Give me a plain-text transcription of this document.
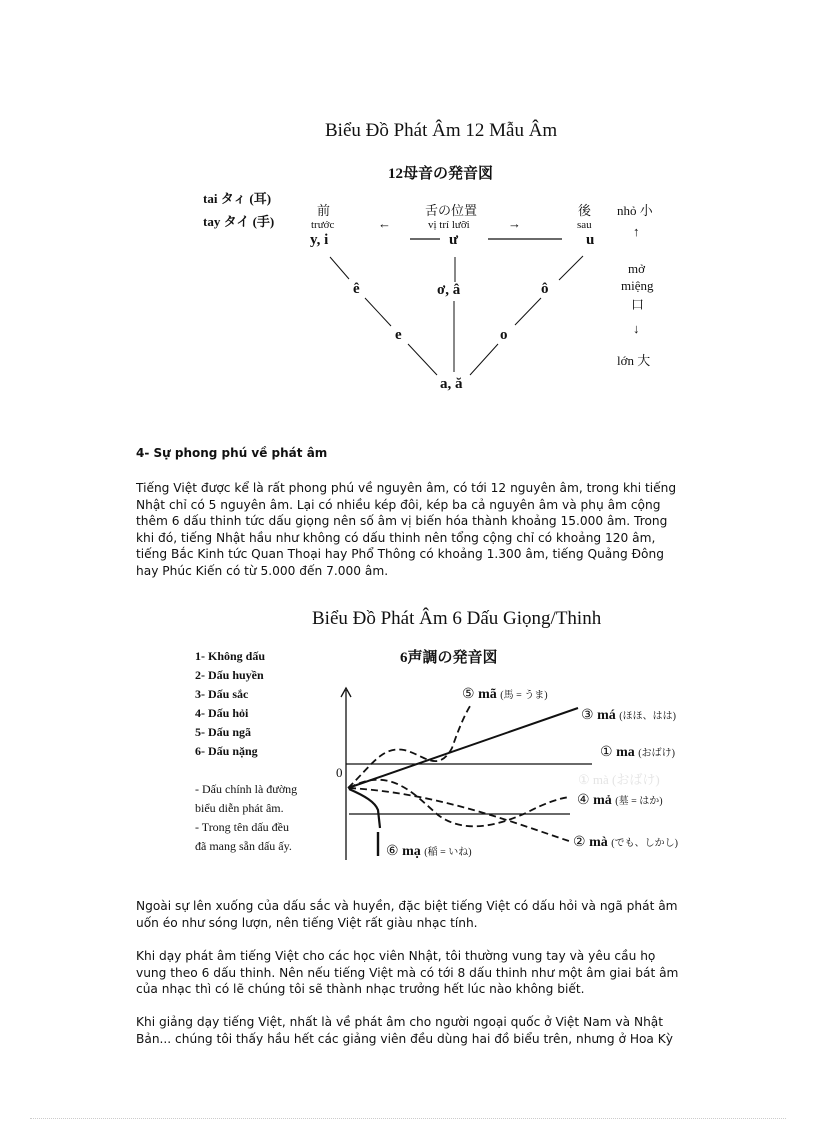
Biểu Đồ Phát Âm 12 Mẫu Âm
12母音の発音図
tai タィ (耳)
tay タイ (手)
前
trước
舌の位置
vị trí lưỡi
後
sau
←	→
y, i	ư	u
ê	ơ, â	ô
e	o
a, ă
nhỏ 小
↑
mở
miệng
口
↓
lớn 大
4- Sự phong phú về phát âm
Tiếng Việt được kể là rất phong phú về nguyên âm, có tới 12 nguyên âm, trong khi tiếng
Nhật chỉ có 5 nguyên âm. Lại có nhiều kép đôi, kép ba cả nguyên âm và phụ âm cộng
thêm 6 dấu thinh tức dấu giọng nên số âm vị biến hóa thành khoảng 15.000 âm. Trong
khi đó, tiếng Nhật hầu như không có dấu thinh nên tổng cộng chỉ có khoảng 120 âm,
tiếng Bắc Kinh tức Quan Thoại hay Phổ Thông có khoảng 1.300 âm, tiếng Quảng Đông
hay Phúc Kiến có từ 5.000 đến 7.000 âm.
Biểu Đồ Phát Âm 6 Dấu Giọng/Thinh
6声調の発音図
1- Không dấu
2- Dấu huyền
3- Dấu sắc
4- Dấu hỏi
5- Dấu ngã
6- Dấu nặng
- Dấu chính là đường
biểu diễn phát âm.
- Trong tên dấu đều
đã mang sẵn dấu ấy.
0	① mà (おばけ)
⑤ mã (馬 = うま)
③ má (ほほ、はは)
① ma (おばけ)
④ mả (墓 = はか)
② mà (でも、しかし)
⑥ mạ (稲 = いね)
Ngoài sự lên xuống của dấu sắc và huyền, đặc biệt tiếng Việt có dấu hỏi và ngã phát âm
uốn éo như sóng lượn, nên tiếng Việt rất giàu nhạc tính.
Khi dạy phát âm tiếng Việt cho các học viên Nhật, tôi thường vung tay và yêu cầu họ
vung theo 6 dấu thinh. Nên nếu tiếng Việt mà có tới 8 dấu thinh như một âm giai bát âm
của nhạc thì có lẽ chúng tôi sẽ thành nhạc trưởng hết lúc nào không biết.
Khi giảng dạy tiếng Việt, nhất là về phát âm cho người ngoại quốc ở Việt Nam và Nhật
Bản... chúng tôi thấy hầu hết các giảng viên đều dùng hai đồ biểu trên, nhưng ở Hoa Kỳ
